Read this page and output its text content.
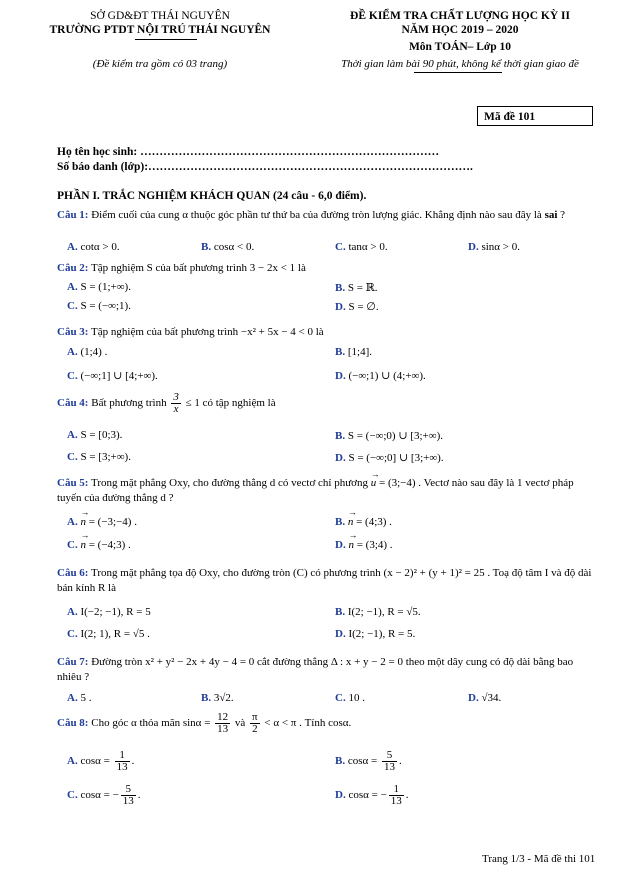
SỞ GD&ĐT THÁI NGUYÊN
TRƯỜNG PTDT NỘI TRÚ THÁI NGUYÊN
(Đề kiểm tra gồm có 03 trang)
ĐỀ KIỂM TRA CHẤT LƯỢNG HỌC KỲ II
NĂM HỌC 2019 – 2020
Môn TOÁN– Lớp 10
Thời gian làm bài 90 phút, không kể thời gian giao đề
Mã đề 101
Họ tên học sinh: ……………………………………………………………………
Số báo danh (lớp):………………………………………………………………………….
PHẦN I. TRẮC NGHIỆM KHÁCH QUAN (24 câu - 6,0 điểm).
Câu 1: Điểm cuối của cung α thuộc góc phần tư thứ ba của đường tròn lượng giác. Khẳng định nào sau đây là sai ?
A. cotα > 0.	B. cosα < 0.	C. tanα > 0.	D. sinα > 0.
Câu 2: Tập nghiệm S của bất phương trình 3 − 2x < 1 là
A. S = (1;+∞).	B. S = ℝ.
C. S = (−∞;1).	D. S = ∅.
Câu 3: Tập nghiệm của bất phương trình −x² + 5x − 4 < 0 là
A. (1;4) .	B. [1;4].
C. (−∞;1] ∪ [4;+∞).	D. (−∞;1) ∪ (4;+∞).
Câu 4: Bất phương trình $\frac{3}{x} \le 1$ có tập nghiệm là
A. S = [0;3).	B. S = (−∞;0) ∪ [3;+∞).
C. S = [3;+∞).	D. S = (−∞;0] ∪ [3;+∞).
Câu 5: Trong mặt phẳng Oxy, cho đường thẳng d có vectơ chỉ phương → u = (3;−4) . Vectơ nào sau đây là 1 vectơ pháp tuyến của đường thẳng d ?
A. → n = (−3;−4) .	B. → n = (4;3) .
C. → n = (−4;3) .	D. → n = (3;4) .
Câu 6: Trong mặt phẳng tọa độ Oxy, cho đường tròn (C) có phương trình (x − 2)² + (y + 1)² = 25 . Toạ độ tâm I và độ dài bán kính R là
A. I(−2; −1), R = 5	B. I(2; −1), R = √5.
C. I(2; 1), R = √5 .	D. I(2; −1), R = 5.
Câu 7: Đường tròn x² + y² − 2x + 4y − 4 = 0 cắt đường thẳng Δ : x + y − 2 = 0 theo một dây cung có độ dài bằng bao nhiêu ?
A. 5 .	B. 3√2.	C. 10 .	D. √34.
Câu 8: Cho góc α thỏa mãn $\sin\alpha = \frac{12}{13}$ và $\frac{\pi}{2} < \alpha < \pi$ . Tính cosα.
A. $\cos\alpha = \frac{1}{13}$ .	B. $\cos\alpha = \frac{5}{13}$ .
C. cosα = − $\frac{5}{13}$ .	D. cosα = − $\frac{1}{13}$ .
Trang 1/3 - Mã đề thi 101
